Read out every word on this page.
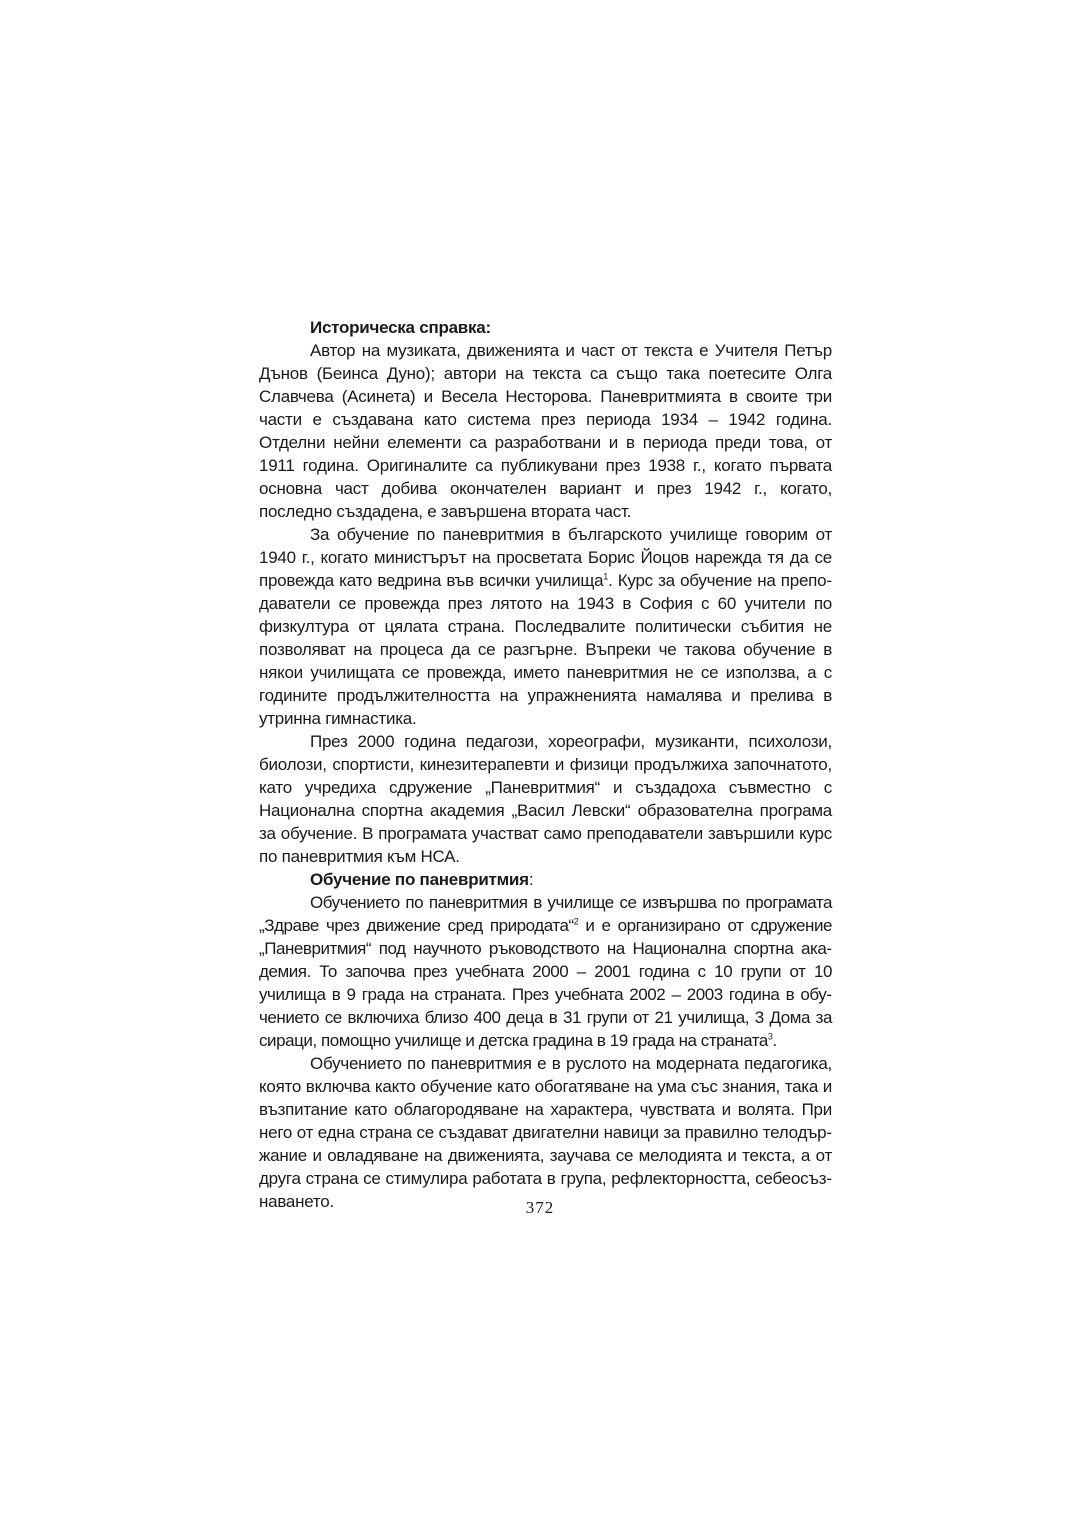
Историческа справка:

Автор на музиката, движенията и част от текста е Учителя Петър Дънов (Беинса Дуно); автори на текста са също така поетесите Олга Славчева (Асинета) и Весела Несторова. Паневритмията в своите три части е създавана като система през периода 1934 – 1942 година. Отделни нейни елементи са разработвани и в периода преди това, от 1911 година. Оригиналите са публикувани през 1938 г., когато първата основна част добива окончателен вариант и през 1942 г., когато, последно създадена, е завършена втората част.

За обучение по паневритмия в българското училище говорим от 1940 г., когато министърът на просветата Борис Йоцов нарежда тя да се провежда като ведрина във всички училища$^1$. Курс за обучение на преподаватели се провежда през лятото на 1943 в София с 60 учители по физкултура от цялата страна. Последвалите политически събития не позволяват на процеса да се разгърне. Въпреки че такова обучение в някои училищата се провежда, името паневритмия не се използва, а с годините продължителността на упражненията намалява и прелива в утринна гимнастика.

През 2000 година педагози, хореографи, музиканти, психолози, биолози, спортисти, кинезитерапевти и физици продължиха започнатото, като учредиха сдружение „Паневритмия“ и създадоха съвместно с Национална спортна академия „Васил Левски“ образователна програма за обучение. В програмата участват само преподаватели завършили курс по паневритмия към НСА.

Обучение по паневритмия:

Обучението по паневритмия в училище се извършва по програмата „Здраве чрез движение сред природата“$^2$ и е организирано от сдружение „Паневритмия“ под научното ръководството на Национална спортна академия. То започва през учебната 2000 – 2001 година с 10 групи от 10 училища в 9 града на страната. През учебната 2002 – 2003 година в обучението се включиха близо 400 деца в 31 групи от 21 училища, 3 Дома за сираци, помощно училище и детска градина в 19 града на страната$^3$.

Обучението по паневритмия е в руслото на модерната педагогика, която включва както обучение като обогатяване на ума със знания, така и възпитание като облагородяване на характера, чувствата и волята. При него от една страна се създават двигателни навици за правилно телодържание и овладяване на движенията, заучава се мелодията и текста, а от друга страна се стимулира работата в група, рефлекторността, себеосъзнаването.	372
